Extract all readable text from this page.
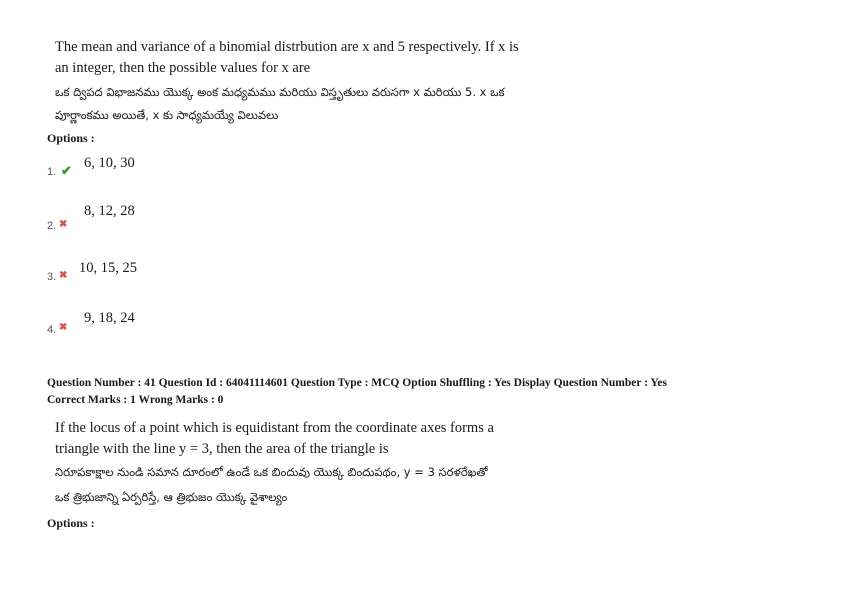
The mean and variance of a binomial distrbution are x and 5 respectively. If x is
an integer, then the possible values for x are
ఒక ద్విపద విభాజనము యొక్క అంక మధ్యమము మరియు విస్తృతులు వరుసగా x మరియు 5. x ఒక
పూర్ణాంకము అయితే, x కు సాధ్యమయ్యే విలువలు
Options :
6, 10, 30
1. ✔
8, 12, 28
2. ✖
10, 15, 25
3. ✖
9, 18, 24
4. ✖
Question Number : 41 Question Id : 64041114601 Question Type : MCQ Option Shuffling : Yes Display Question Number : Yes
Correct Marks : 1 Wrong Marks : 0
If the locus of a point which is equidistant from the coordinate axes forms a
triangle with the line y = 3, then the area of the triangle is
నిరూపకాక్షాల నుండి సమాన దూరంలో ఉండే ఒక బిందువు యొక్క బిందుపథం, y = 3 సరళరేఖతో
ఒక త్రిభుజాన్ని ఏర్పరిస్తే, ఆ త్రిభుజం యొక్క వైశాల్యం
Options :
